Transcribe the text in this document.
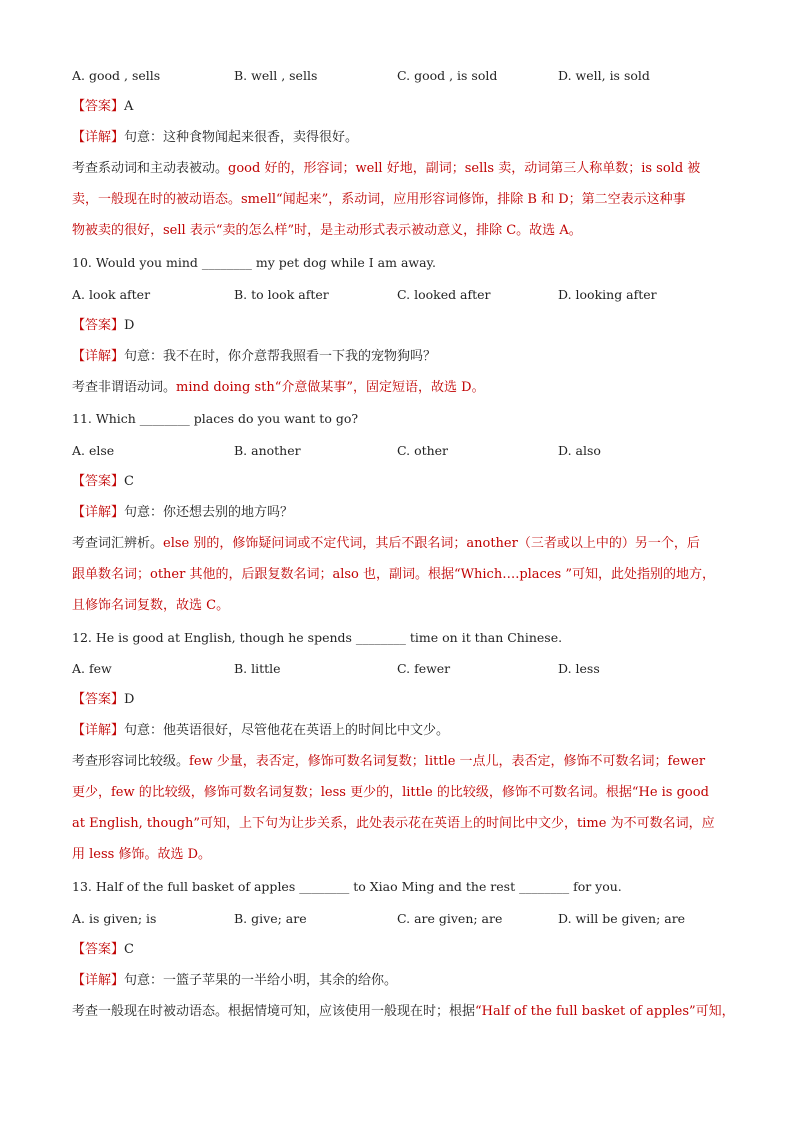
A. good , sells	B. well , sells	C. good , is sold	D. well, is sold
【答案】A
【详解】句意：这种食物闻起来很香，卖得很好。
考查系动词和主动表被动。good 好的，形容词；well 好地，副词；sells 卖，动词第三人称单数；is sold 被
卖，一般现在时的被动语态。smell“闻起来”，系动词，应用形容词修饰，排除 B 和 D；第二空表示这种事
物被卖的很好，sell 表示“卖的怎么样”时，是主动形式表示被动意义，排除 C。故选 A。
10. Would you mind ________ my pet dog while I am away.
A. look after	B. to look after	C. looked after	D. looking after
【答案】D
【详解】句意：我不在时，你介意帮我照看一下我的宠物狗吗？
考查非谓语动词。mind doing sth“介意做某事”，固定短语，故选 D。
11. Which ________ places do you want to go?
A. else	B. another	C. other	D. also
【答案】C
【详解】句意：你还想去别的地方吗？
考查词汇辨析。else 别的，修饰疑问词或不定代词，其后不跟名词；another（三者或以上中的）另一个，后
跟单数名词；other 其他的，后跟复数名词；also 也，副词。根据“Which….places ”可知，此处指别的地方，
且修饰名词复数，故选 C。
12. He is good at English, though he spends ________ time on it than Chinese.
A. few	B. little	C. fewer	D. less
【答案】D
【详解】句意：他英语很好，尽管他花在英语上的时间比中文少。
考查形容词比较级。few 少量，表否定，修饰可数名词复数；little 一点儿，表否定，修饰不可数名词；fewer
更少，few 的比较级，修饰可数名词复数；less 更少的，little 的比较级，修饰不可数名词。根据“He is good
at English, though”可知，上下句为让步关系，此处表示花在英语上的时间比中文少，time 为不可数名词，应
用 less 修饰。故选 D。
13. Half of the full basket of apples ________ to Xiao Ming and the rest ________ for you.
A. is given; is	B. give; are	C. are given; are	D. will be given; are
【答案】C
【详解】句意：一篮子苹果的一半给小明，其余的给你。
考查一般现在时被动语态。根据情境可知，应该使用一般现在时；根据“Half of the full basket of apples”可知，
